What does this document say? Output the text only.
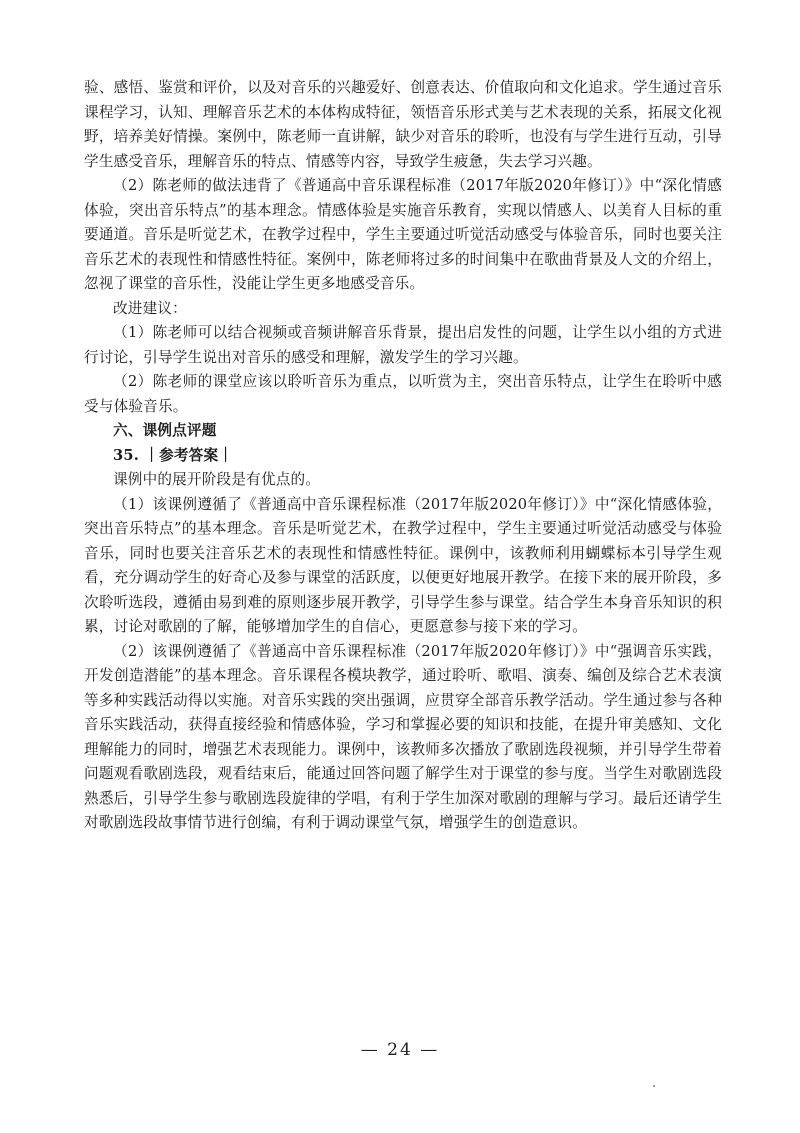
验、感悟、鉴赏和评价，以及对音乐的兴趣爱好、创意表达、价值取向和文化追求。学生通过音乐课程学习，认知、理解音乐艺术的本体构成特征，领悟音乐形式美与艺术表现的关系，拓展文化视野，培养美好情操。案例中，陈老师一直讲解，缺少对音乐的聆听，也没有与学生进行互动，引导学生感受音乐，理解音乐的特点、情感等内容，导致学生疲惫，失去学习兴趣。

（2）陈老师的做法违背了《普通高中音乐课程标准（2017年版2020年修订）》中“深化情感体验，突出音乐特点”的基本理念。情感体验是实施音乐教育，实现以情感人、以美育人目标的重要通道。音乐是听觉艺术，在教学过程中，学生主要通过听觉活动感受与体验音乐，同时也要关注音乐艺术的表现性和情感性特征。案例中，陈老师将过多的时间集中在歌曲背景及人文的介绍上，忽视了课堂的音乐性，没能让学生更多地感受音乐。

改进建议：

（1）陈老师可以结合视频或音频讲解音乐背景，提出启发性的问题，让学生以小组的方式进行讨论，引导学生说出对音乐的感受和理解，激发学生的学习兴趣。

（2）陈老师的课堂应该以聆听音乐为重点，以听赏为主，突出音乐特点，让学生在聆听中感受与体验音乐。

六、课例点评题

35. ｜参考答案｜

课例中的展开阶段是有优点的。

（1）该课例遵循了《普通高中音乐课程标准（2017年版2020年修订）》中“深化情感体验，突出音乐特点”的基本理念。音乐是听觉艺术，在教学过程中，学生主要通过听觉活动感受与体验音乐，同时也要关注音乐艺术的表现性和情感性特征。课例中，该教师利用蝴蝶标本引导学生观看，充分调动学生的好奇心及参与课堂的活跃度，以便更好地展开教学。在接下来的展开阶段，多次聆听选段，遵循由易到难的原则逐步展开教学，引导学生参与课堂。结合学生本身音乐知识的积累，讨论对歌剧的了解，能够增加学生的自信心，更愿意参与接下来的学习。

（2）该课例遵循了《普通高中音乐课程标准（2017年版2020年修订）》中“强调音乐实践，开发创造潜能”的基本理念。音乐课程各模块教学，通过聆听、歌唱、演奏、编创及综合艺术表演等多种实践活动得以实施。对音乐实践的突出强调，应贯穿全部音乐教学活动。学生通过参与各种音乐实践活动，获得直接经验和情感体验，学习和掌握必要的知识和技能，在提升审美感知、文化理解能力的同时，增强艺术表现能力。课例中，该教师多次播放了歌剧选段视频，并引导学生带着问题观看歌剧选段，观看结束后，能通过回答问题了解学生对于课堂的参与度。当学生对歌剧选段熟悉后，引导学生参与歌剧选段旋律的学唱，有利于学生加深对歌剧的理解与学习。最后还请学生对歌剧选段故事情节进行创编，有利于调动课堂气氛，增强学生的创造意识。

— 24 —
